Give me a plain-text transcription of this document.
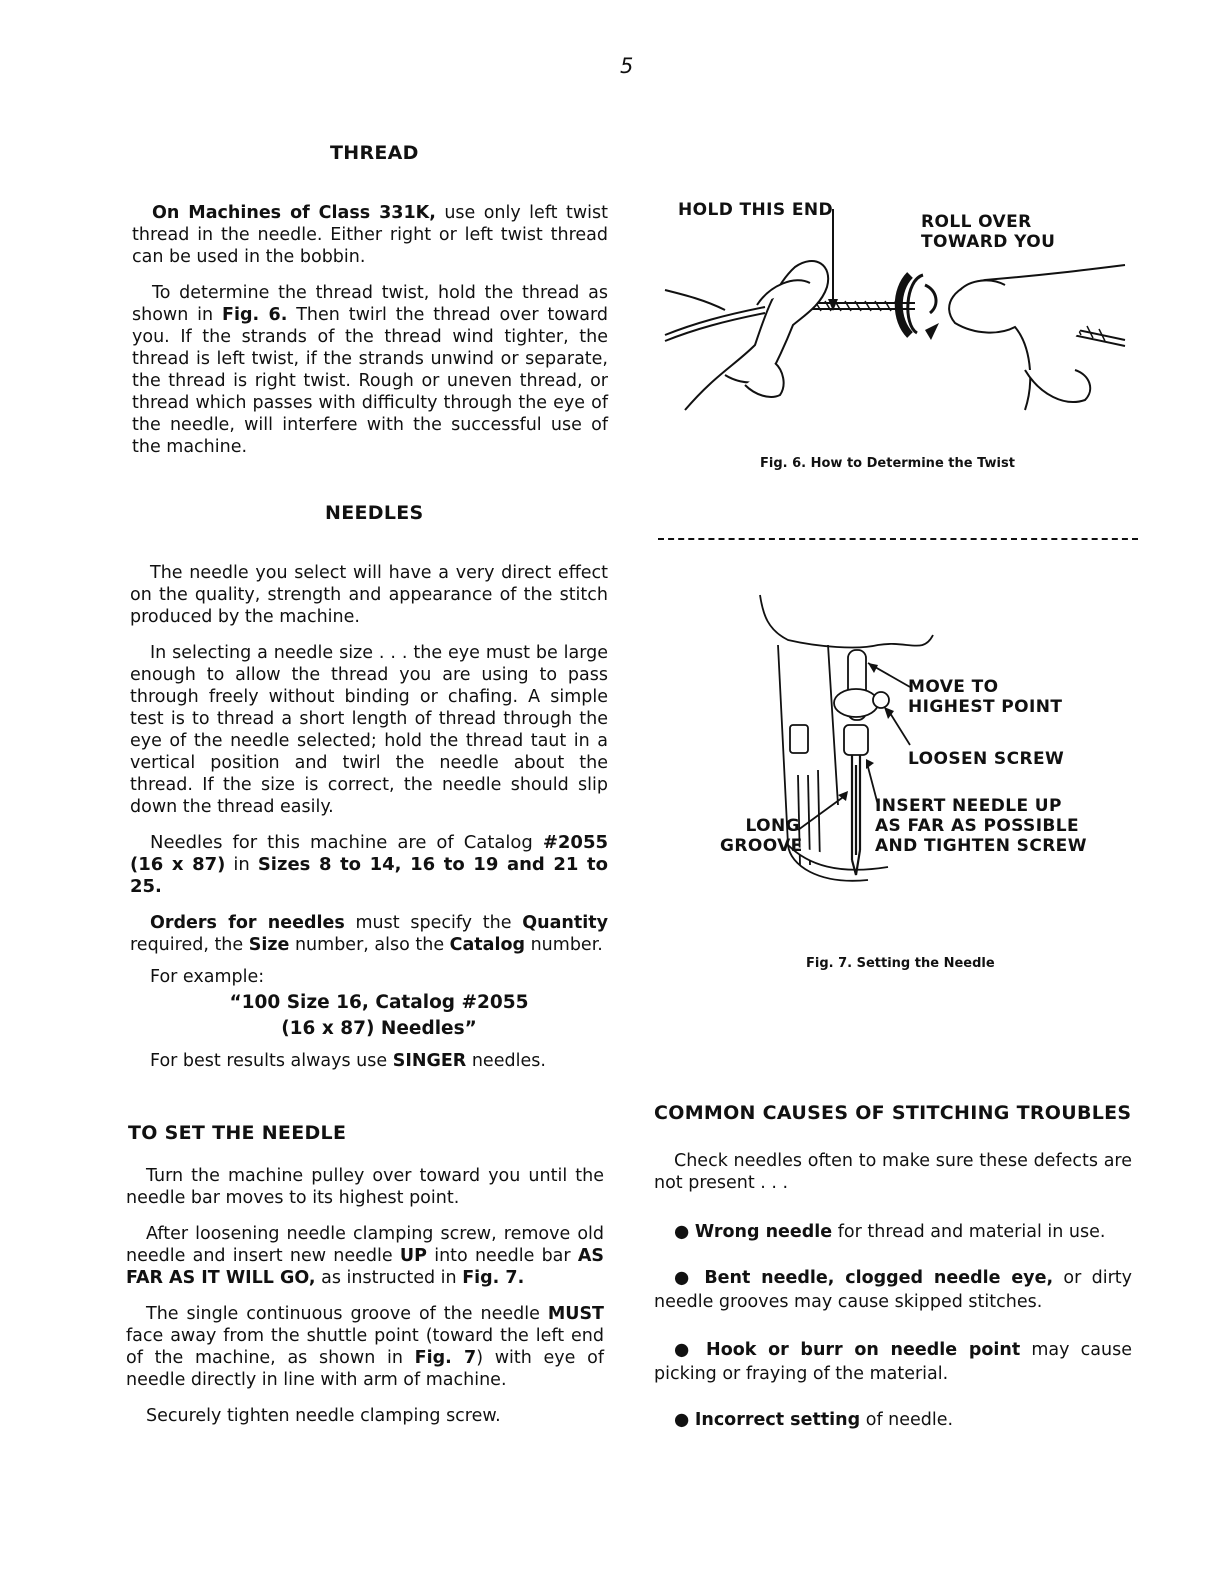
5
THREAD

On Machines of Class 331K, use only left twist thread in the needle. Either right or left twist thread can be used in the bobbin.

To determine the thread twist, hold the thread as shown in Fig. 6. Then twirl the thread over toward you. If the strands of the thread wind tighter, the thread is left twist, if the strands unwind or separate, the thread is right twist. Rough or uneven thread, or thread which passes with difficulty through the eye of the needle, will interfere with the successful use of the machine.

HOLD THIS END
ROLL OVER
TOWARD YOU
Fig. 6. How to Determine the Twist
NEEDLES

The needle you select will have a very direct effect on the quality, strength and appearance of the stitch produced by the machine.

In selecting a needle size . . . the eye must be large enough to allow the thread you are using to pass through freely without binding or chafing. A simple test is to thread a short length of thread through the eye of the needle selected; hold the thread taut in a vertical position and twirl the needle about the thread. If the size is correct, the needle should slip down the thread easily.

Needles for this machine are of Catalog #2055 (16 x 87) in Sizes 8 to 14, 16 to 19 and 21 to 25.

Orders for needles must specify the Quantity required, the Size number, also the Catalog number.

For example:

“100 Size 16, Catalog #2055
(16 x 87) Needles”

For best results always use SINGER needles.

MOVE TO
HIGHEST POINT
LOOSEN SCREW
INSERT NEEDLE UP
AS FAR AS POSSIBLE
AND TIGHTEN SCREW
LONG
GROOVE
Fig. 7. Setting the Needle
TO SET THE NEEDLE

Turn the machine pulley over toward you until the needle bar moves to its highest point.

After loosening needle clamping screw, remove old needle and insert new needle UP into needle bar AS FAR AS IT WILL GO, as instructed in Fig. 7.

The single continuous groove of the needle MUST face away from the shuttle point (toward the left end of the machine, as shown in Fig. 7) with eye of needle directly in line with arm of machine.

Securely tighten needle clamping screw.

COMMON CAUSES OF STITCHING TROUBLES

Check needles often to make sure these defects are not present . . .

● Wrong needle for thread and material in use.
● Bent needle, clogged needle eye, or dirty needle grooves may cause skipped stitches.
● Hook or burr on needle point may cause picking or fraying of the material.
● Incorrect setting of needle.
